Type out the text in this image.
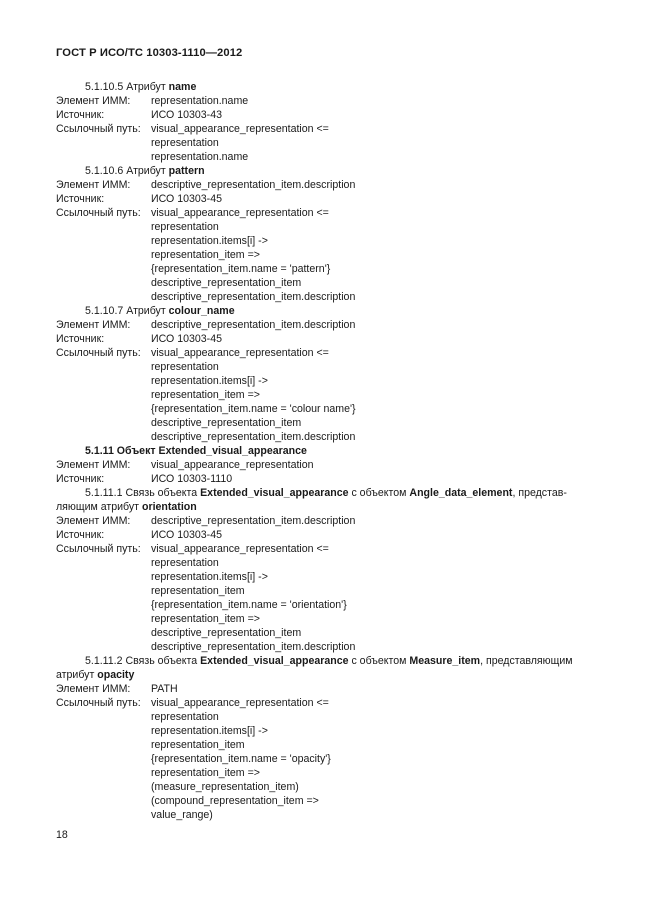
ГОСТ Р ИСО/ТС 10303-1110—2012
5.1.10.5 Атрибут name
Элемент ИММ: representation.name
Источник:	ИСО 10303-43
Ссылочный путь: visual_appearance_representation <=
representation
representation.name
5.1.10.6 Атрибут pattern
Элемент ИММ: descriptive_representation_item.description
Источник:	ИСО 10303-45
Ссылочный путь: visual_appearance_representation <=
representation
representation.items[i] ->
representation_item =>
{representation_item.name = 'pattern'}
descriptive_representation_item
descriptive_representation_item.description
5.1.10.7 Атрибут colour_name
Элемент ИММ: descriptive_representation_item.description
Источник:	ИСО 10303-45
Ссылочный путь: visual_appearance_representation <=
representation
representation.items[i] ->
representation_item =>
{representation_item.name = 'colour name'}
descriptive_representation_item
descriptive_representation_item.description
5.1.11 Объект Extended_visual_appearance
Элемент ИММ: visual_appearance_representation
Источник:	ИСО 10303-1110
5.1.11.1 Связь объекта Extended_visual_appearance с объектом Angle_data_element, представ-
ляющим атрибут orientation
Элемент ИММ: descriptive_representation_item.description
Источник:	ИСО 10303-45
Ссылочный путь: visual_appearance_representation <=
representation
representation.items[i] ->
representation_item
{representation_item.name = 'orientation'}
representation_item =>
descriptive_representation_item
descriptive_representation_item.description
5.1.11.2 Связь объекта Extended_visual_appearance с объектом Measure_item, представляющим
атрибут opacity
Элемент ИММ: PATH
Ссылочный путь: visual_appearance_representation <=
representation
representation.items[i] ->
representation_item
{representation_item.name = 'opacity'}
representation_item =>
(measure_representation_item)
(compound_representation_item =>
value_range)
18
